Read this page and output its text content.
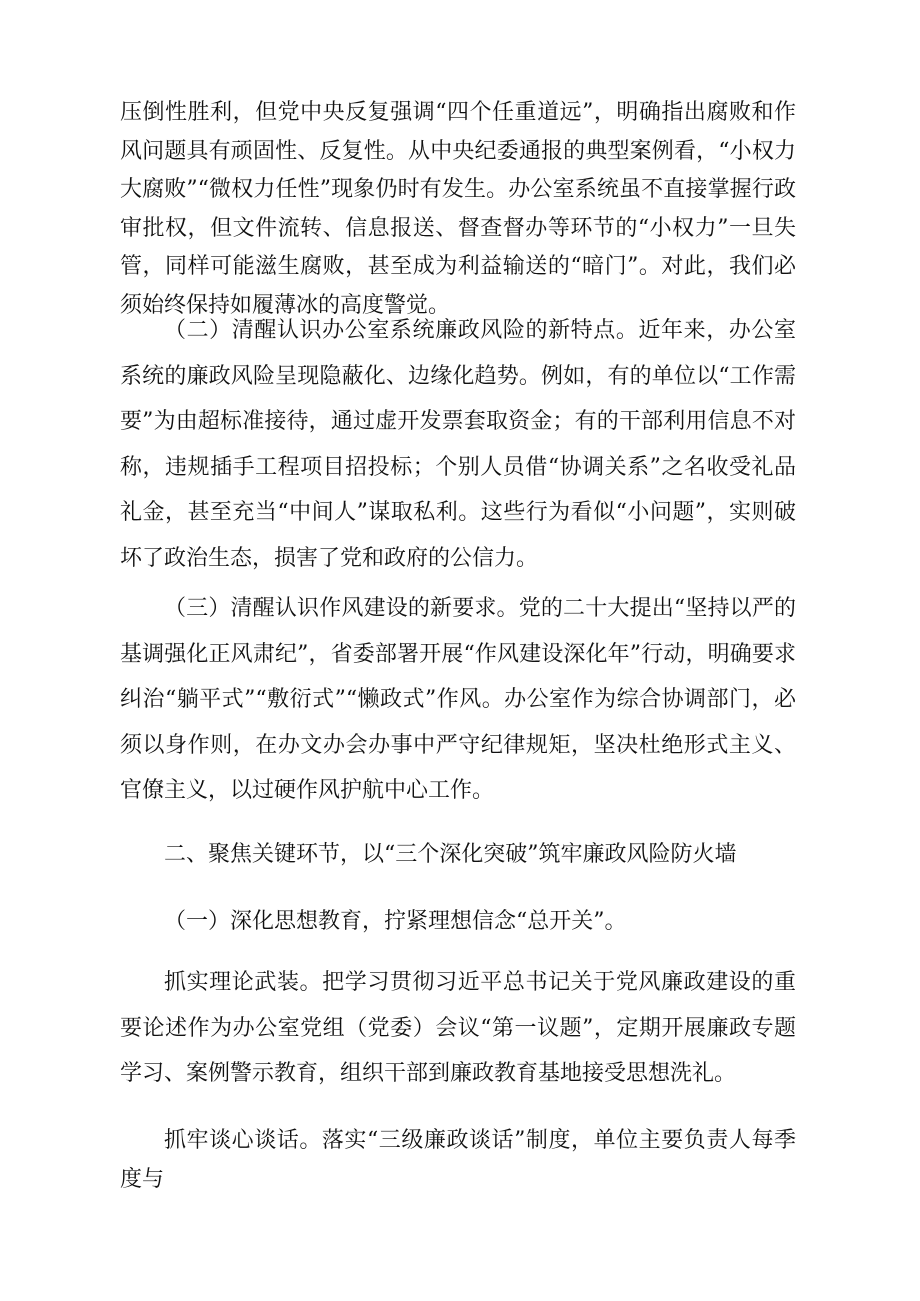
压倒性胜利，但党中央反复强调“四个任重道远”，明确指出腐败和作风问题具有顽固性、反复性。从中央纪委通报的典型案例看，“小权力大腐败”“微权力任性”现象仍时有发生。办公室系统虽不直接掌握行政审批权，但文件流转、信息报送、督查督办等环节的“小权力”一旦失管，同样可能滋生腐败，甚至成为利益输送的“暗门”。对此，我们必须始终保持如履薄冰的高度警觉。

（二）清醒认识办公室系统廉政风险的新特点。近年来，办公室系统的廉政风险呈现隐蔽化、边缘化趋势。例如，有的单位以“工作需要”为由超标准接待，通过虚开发票套取资金；有的干部利用信息不对称，违规插手工程项目招投标；个别人员借“协调关系”之名收受礼品礼金，甚至充当“中间人”谋取私利。这些行为看似“小问题”，实则破坏了政治生态，损害了党和政府的公信力。

（三）清醒认识作风建设的新要求。党的二十大提出“坚持以严的基调强化正风肃纪”，省委部署开展“作风建设深化年”行动，明确要求纠治“躺平式”“敷衍式”“懒政式”作风。办公室作为综合协调部门，必须以身作则，在办文办会办事中严守纪律规矩，坚决杜绝形式主义、官僚主义，以过硬作风护航中心工作。

二、聚焦关键环节，以“三个深化突破”筑牢廉政风险防火墙

（一）深化思想教育，拧紧理想信念“总开关”。

抓实理论武装。把学习贯彻习近平总书记关于党风廉政建设的重要论述作为办公室党组（党委）会议“第一议题”，定期开展廉政专题学习、案例警示教育，组织干部到廉政教育基地接受思想洗礼。

抓牢谈心谈话。落实“三级廉政谈话”制度，单位主要负责人每季度与
